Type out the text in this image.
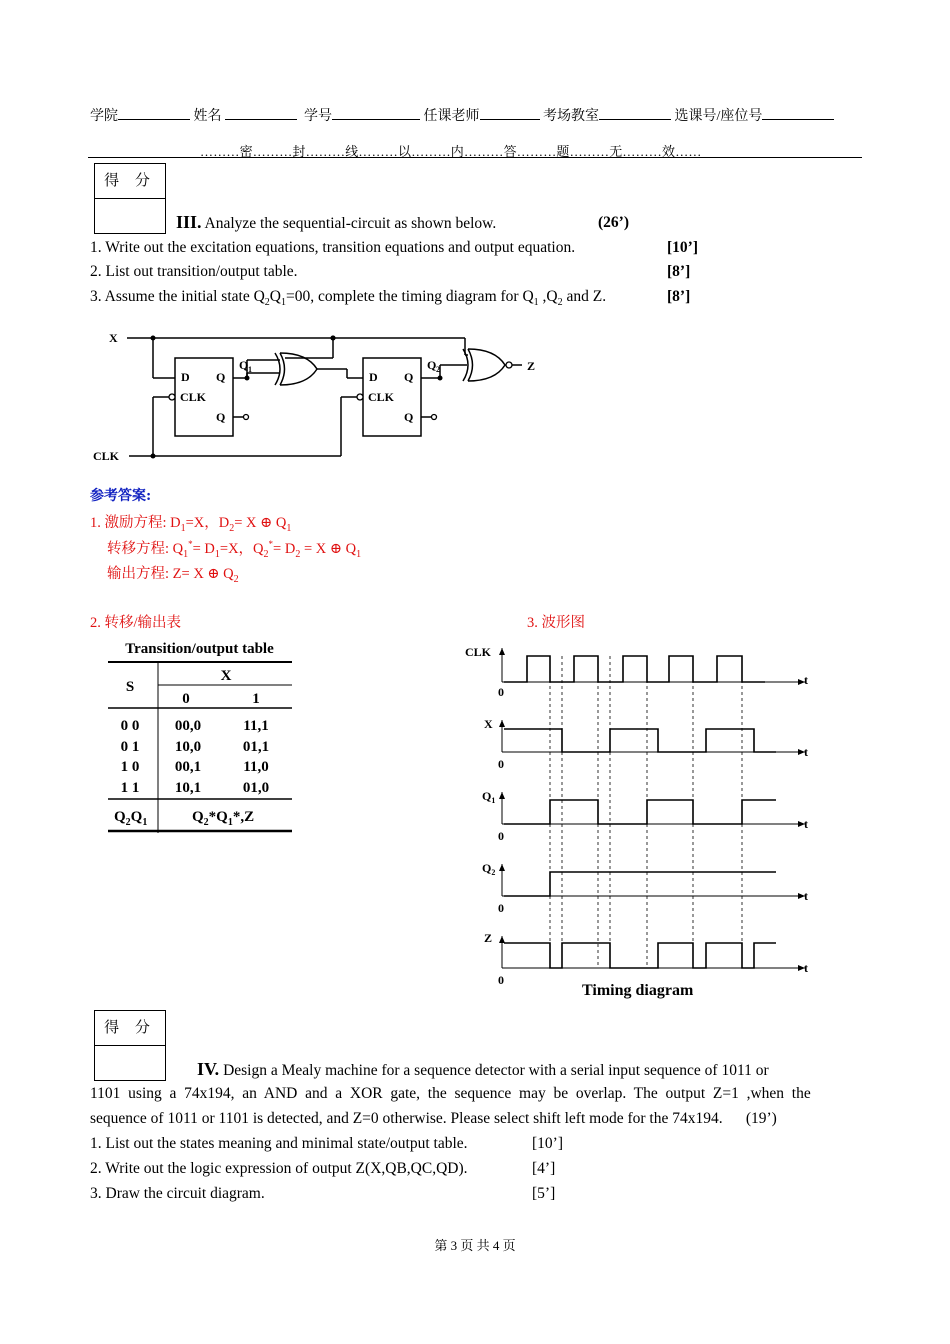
学院	姓名	学号	任课老师	考场教室	选课号/座位号
………密………封………线………以………内………答………题………无………效……
得 分
III. Analyze the sequential-circuit as shown below.	(26’)
1. Write out the excitation equations, transition equations and output equation.	[10’]
2. List out transition/output table.	[8’]
3. Assume the initial state $Q_2Q_1=00$, complete the timing diagram for $Q_1$ $,Q_2$ and Z.	[8’]
X
CLK
D Q
CLK
Q
Q 1
D Q
CLK
Q
Q 2	Z
参考答案:
1. 激励方程: $D_1=X$，$D_2= X$ ⊕ $Q_1$
转移方程: $Q_1^*= D_1=X$，$Q_2^*= D_2 = X$ ⊕ $Q_1$
输出方程: Z= X ⊕ $Q_2$
2. 转移/输出表	3. 波形图
Transition/output table
S
X
0	1
0 0 00,0	11,1
0 1 10,0	01,1
1 0 00,1	11,0
1 1 10,1	01,0
$Q_2Q_1$	$Q_2*Q_1*,Z$
CLK
X
$Q_1$
$Q_2$
Z
0
0
0
0
0
t
t
t
t
t
Timing diagram
得 分
IV. Design a Mealy machine for a sequence detector with a serial input sequence of 1011 or
1101  using  a  74x194,  an  AND  and  a  XOR  gate,  the  sequence  may  be  overlap.  The  output  Z=1  ,when  the
sequence of 1011 or 1101 is detected, and Z=0 otherwise. Please select shift left mode for the 74x194.      (19’)
1. List out the states meaning and minimal state/output table.	[10’]
2. Write out the logic expression of output Z(X,QB,QC,QD).	[4’]
3. Draw the circuit diagram.	[5’]
第 3 页 共 4 页
